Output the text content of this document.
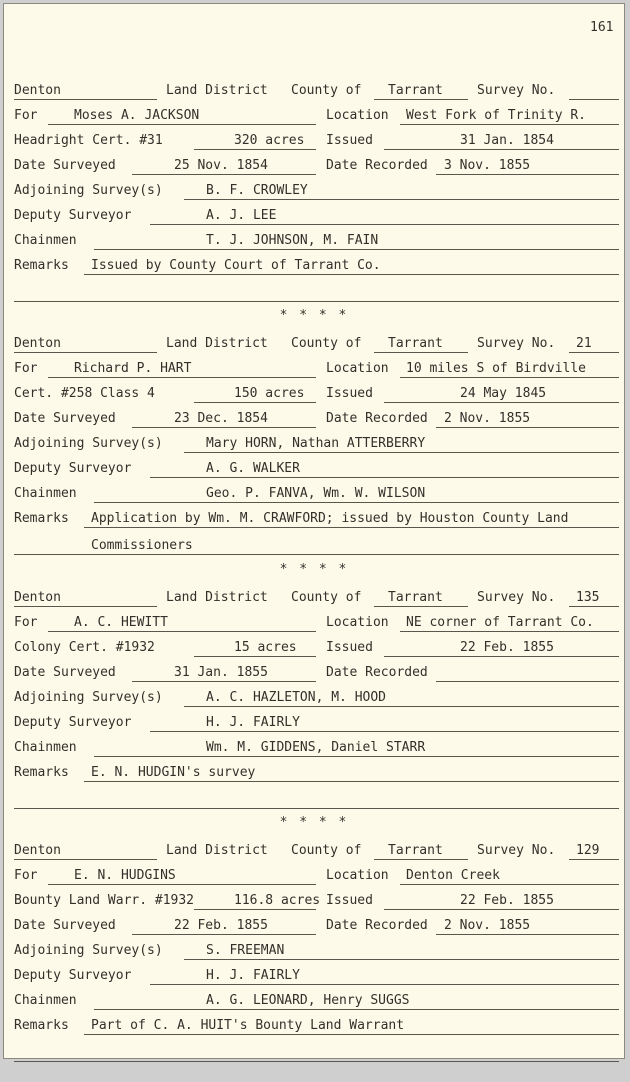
161
Denton	Land District County of Tarrant	Survey No.
For	Moses A. JACKSON	Location West Fork of Trinity R.
Headright Cert. #31	320 acres Issued	31 Jan. 1854
Date Surveyed	25 Nov. 1854	Date Recorded 3 Nov. 1855
Adjoining Survey(s)	B. F. CROWLEY
Deputy Surveyor	A. J. LEE
Chainmen	T. J. JOHNSON, M. FAIN
Remarks Issued by County Court of Tarrant Co.
Denton	Land District County of Tarrant	Survey No. 21
For	Richard P. HART	Location 10 miles S of Birdville
Cert. #258 Class 4	150 acres Issued	24 May 1845
Date Surveyed	23 Dec. 1854	Date Recorded 2 Nov. 1855
Adjoining Survey(s)	Mary HORN, Nathan ATTERBERRY
Deputy Surveyor	A. G. WALKER
Chainmen	Geo. P. FANVA, Wm. W. WILSON
Remarks Application by Wm. M. CRAWFORD; issued by Houston County Land
Commissioners
Denton	Land District County of Tarrant	Survey No. 135
For	A. C. HEWITT	Location NE corner of Tarrant Co.
Colony Cert. #1932	15 acres Issued	22 Feb. 1855
Date Surveyed	31 Jan. 1855	Date Recorded
Adjoining Survey(s)	A. C. HAZLETON, M. HOOD
Deputy Surveyor	H. J. FAIRLY
Chainmen	Wm. M. GIDDENS, Daniel STARR
Remarks E. N. HUDGIN's survey
Denton	Land District County of Tarrant	Survey No. 129
For	E. N. HUDGINS	Location Denton Creek
Bounty Land Warr. #1932	116.8 acres Issued	22 Feb. 1855
Date Surveyed	22 Feb. 1855	Date Recorded 2 Nov. 1855
Adjoining Survey(s)	S. FREEMAN
Deputy Surveyor	H. J. FAIRLY
Chainmen	A. G. LEONARD, Henry SUGGS
Remarks Part of C. A. HUIT's Bounty Land Warrant
* * * *
* * * *
* * * *
